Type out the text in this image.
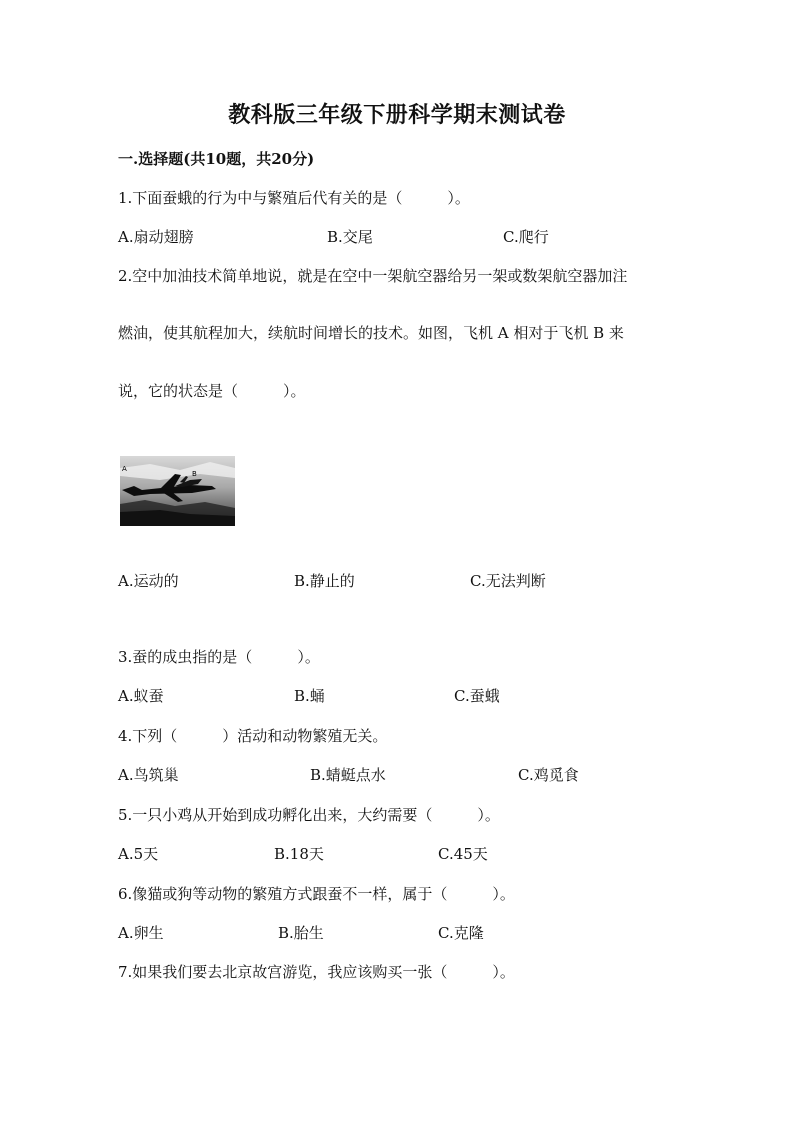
教科版三年级下册科学期末测试卷
一.选择题(共10题，共20分)
1.下面蚕蛾的行为中与繁殖后代有关的是（　　　）。
A.扇动翅膀	B.交尾	C.爬行
2.空中加油技术简单地说，就是在空中一架航空器给另一架或数架航空器加注
燃油，使其航程加大，续航时间增长的技术。如图，飞机 A 相对于飞机 B 来
说，它的状态是（　　　）。
A
B
A.运动的	B.静止的	C.无法判断
3.蚕的成虫指的是（　　　）。
A.蚁蚕	B.蛹	C.蚕蛾
4.下列（　　　）活动和动物繁殖无关。
A.鸟筑巢	B.蜻蜓点水	C.鸡觅食
5.一只小鸡从开始到成功孵化出来，大约需要（　　　）。
A.5天	B.18天	C.45天
6.像猫或狗等动物的繁殖方式跟蚕不一样，属于（　　　）。
A.卵生	B.胎生	C.克隆
7.如果我们要去北京故宫游览，我应该购买一张（　　　）。
